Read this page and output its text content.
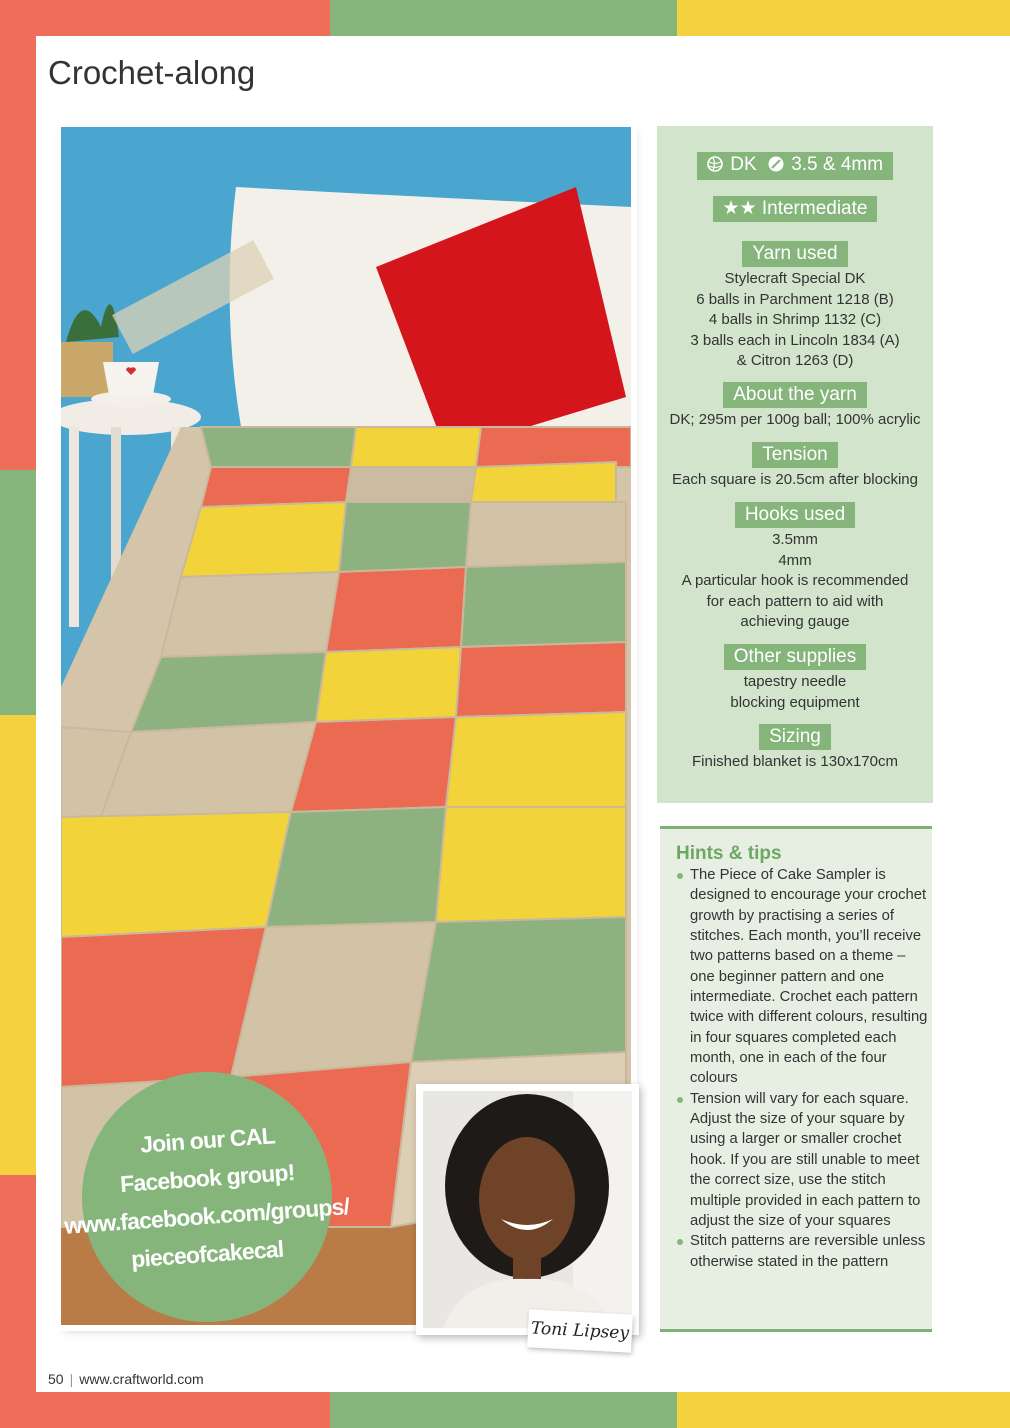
Crochet-along
Join our CAL
Facebook group!
www.facebook.com/groups/
pieceofcakecal
Toni Lipsey
DK 3.5 & 4mm
★★ Intermediate
Yarn used
Stylecraft Special DK
6 balls in Parchment 1218 (B)
4 balls in Shrimp 1132 (C)
3 balls each in Lincoln 1834 (A)
& Citron 1263 (D)
About the yarn
DK; 295m per 100g ball; 100% acrylic
Tension
Each square is 20.5cm after blocking
Hooks used
3.5mm
4mm
A particular hook is recommended
for each pattern to aid with
achieving gauge
Other supplies
tapestry needle
blocking equipment
Sizing
Finished blanket is 130x170cm
Hints & tips
The Piece of Cake Sampler is designed to encourage your crochet growth by practising a series of stitches. Each month, you’ll receive two patterns based on a theme – one beginner pattern and one intermediate. Crochet each pattern twice with different colours, resulting in four squares completed each month, one in each of the four colours
Tension will vary for each square. Adjust the size of your square by using a larger or smaller crochet hook. If you are still unable to meet the correct size, use the stitch multiple provided in each pattern to adjust the size of your squares
Stitch patterns are reversible unless otherwise stated in the pattern
50 | www.craftworld.com
